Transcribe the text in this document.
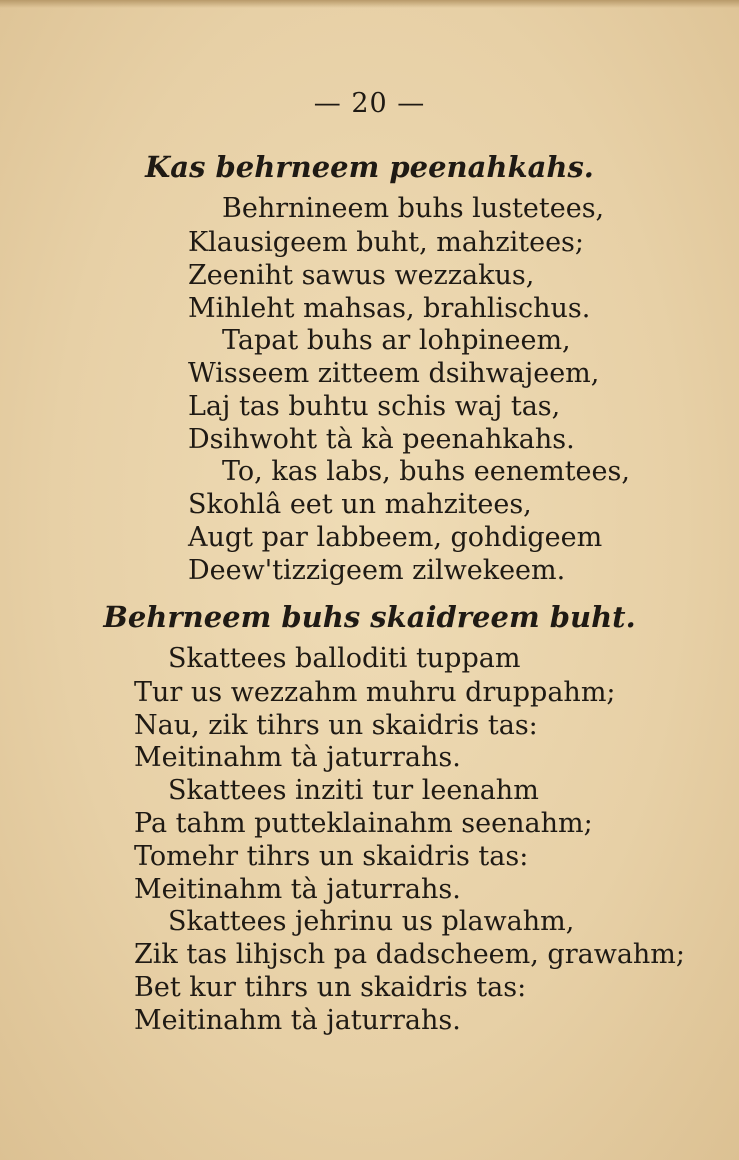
— 20 —
Kas behrneem peenahkahs.
Behrnineem buhs lustetees,
Klausigeem buht, mahzitees;
Zeeniht sawus wezzakus,
Mihleht mahsas, brahlischus.
Tapat buhs ar lohpineem,
Wissеem zitteem dsihwajeem,
Laj tas buhtu schis waj tas,
Dsihwoht tà kà peenahkahs.
To, kas labs, buhs eenemtees,
Skohlâ eet un mahzitees,
Augt par labbeem, gohdigeem
Deew'tizzigeem zilwekeem.
Behrneem buhs skaidreem buht.
Skattees balloditi tuppam
Tur us wezzahm muhru druppahm;
Nau, zik tihrs un skaidris tas:
Meitinahm tà jaturrahs.
Skattees inziti tur leenahm
Pa tahm putteklainahm seenahm;
Tomehr tihrs un skaidris tas:
Meitinahm tà jaturrahs.
Skattees jehrinu us plawahm,
Zik tas lihjsch pa dadscheem, grawahm;
Bet kur tihrs un skaidris tas:
Meitinahm tà jaturrahs.
